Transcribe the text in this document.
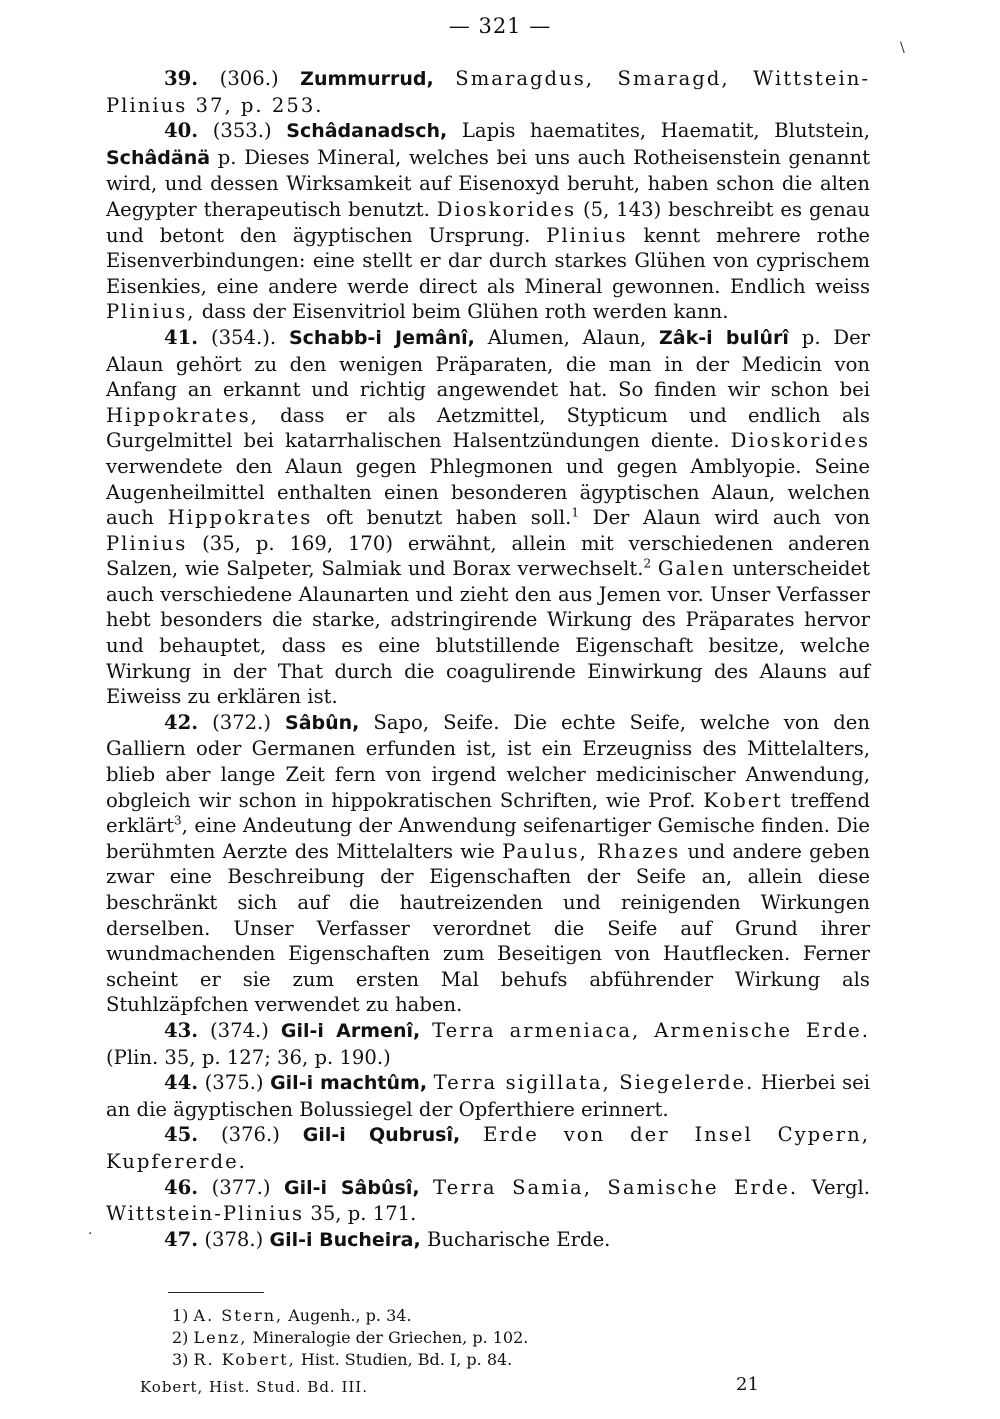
— 321 —
\

39. (306.) Zummurrud, Smaragdus, Smaragd, Wittstein-Plinius 37, p. 253.

40. (353.) Schâdanadsch, Lapis haematites, Haematit, Blutstein, Schâdänä p. Dieses Mineral, welches bei uns auch Rotheisenstein genannt wird, und dessen Wirksamkeit auf Eisenoxyd beruht, haben schon die alten Aegypter therapeutisch benutzt. Dioskorides (5, 143) beschreibt es genau und betont den ägyptischen Ursprung. Plinius kennt mehrere rothe Eisenverbindungen: eine stellt er dar durch starkes Glühen von cyprischem Eisenkies, eine andere werde direct als Mineral gewonnen. Endlich weiss Plinius, dass der Eisenvitriol beim Glühen roth werden kann.

41. (354.). Schabb-i Jemânî, Alumen, Alaun, Zâk-i bulûrî p. Der Alaun gehört zu den wenigen Präparaten, die man in der Medicin von Anfang an erkannt und richtig angewendet hat. So finden wir schon bei Hippokrates, dass er als Aetzmittel, Stypticum und endlich als Gurgelmittel bei katarrhalischen Halsentzündungen diente. Dioskorides verwendete den Alaun gegen Phlegmonen und gegen Amblyopie. Seine Augenheilmittel enthalten einen besonderen ägyptischen Alaun, welchen auch Hippokrates oft benutzt haben soll.$^1$ Der Alaun wird auch von Plinius (35, p. 169, 170) erwähnt, allein mit verschiedenen anderen Salzen, wie Salpeter, Salmiak und Borax verwechselt.$^2$ Galen unterscheidet auch verschiedene Alaunarten und zieht den aus Jemen vor. Unser Verfasser hebt besonders die starke, adstringirende Wirkung des Präparates hervor und behauptet, dass es eine blutstillende Eigenschaft besitze, welche Wirkung in der That durch die coagulirende Einwirkung des Alauns auf Eiweiss zu erklären ist.

42. (372.) Sâbûn, Sapo, Seife. Die echte Seife, welche von den Galliern oder Germanen erfunden ist, ist ein Erzeugniss des Mittelalters, blieb aber lange Zeit fern von irgend welcher medicinischer Anwendung, obgleich wir schon in hippokratischen Schriften, wie Prof. Kobert treffend erklärt$^3$, eine Andeutung der Anwendung seifenartiger Gemische finden. Die berühmten Aerzte des Mittelalters wie Paulus, Rhazes und andere geben zwar eine Beschreibung der Eigenschaften der Seife an, allein diese beschränkt sich auf die hautreizenden und reinigenden Wirkungen derselben. Unser Verfasser verordnet die Seife auf Grund ihrer wundmachenden Eigenschaften zum Beseitigen von Hautflecken. Ferner scheint er sie zum ersten Mal behufs abführender Wirkung als Stuhlzäpfchen verwendet zu haben.

43. (374.) Gil-i Armenî, Terra armeniaca, Armenische Erde. (Plin. 35, p. 127; 36, p. 190.)

44. (375.) Gil-i machtûm, Terra sigillata, Siegelerde. Hierbei sei an die ägyptischen Bolussiegel der Opferthiere erinnert.

45. (376.) Gil-i Qubrusî, Erde von der Insel Cypern, Kupfererde.

46. (377.) Gil-i Sâbûsî, Terra Samia, Samische Erde. Vergl. Wittstein-Plinius 35, p. 171.

47. (378.) Gil-i Bucheira, Bucharische Erde.

1) A. Stern, Augenh., p. 34.
2) Lenz, Mineralogie der Griechen, p. 102.
3) R. Kobert, Hist. Studien, Bd. I, p. 84.
Kobert, Hist. Stud. Bd. III.	21
·
